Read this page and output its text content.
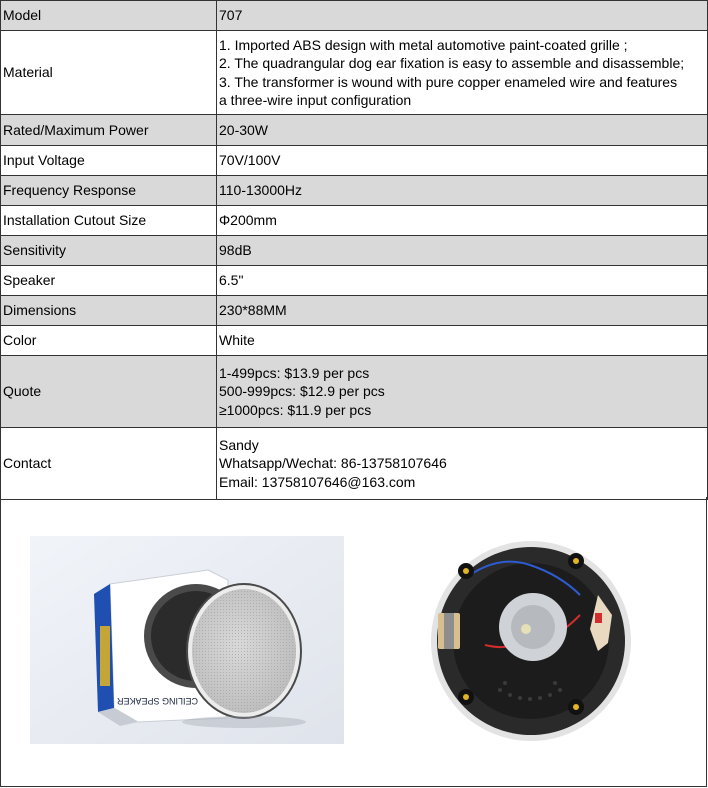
Model	707
Material	1. Imported ABS design with metal automotive paint-coated grille ;
2. The quadrangular dog ear fixation is easy to assemble and disassemble;
3. The transformer is wound with pure copper enameled wire and features
a three-wire input configuration

Rated/Maximum Power	20-30W
Input Voltage	70V/100V
Frequency Response	110-13000Hz
Installation Cutout Size	Φ200mm
Sensitivity	98dB
Speaker	6.5"
Dimensions	230*88MM
Color	White
Quote	1-499pcs: $13.9 per pcs
500-999pcs: $12.9 per pcs
≥1000pcs: $11.9 per pcs

Contact	Sandy
Whatsapp/Wechat: 86-13758107646
Email: 13758107646@163.com
CEILING SPEAKER
